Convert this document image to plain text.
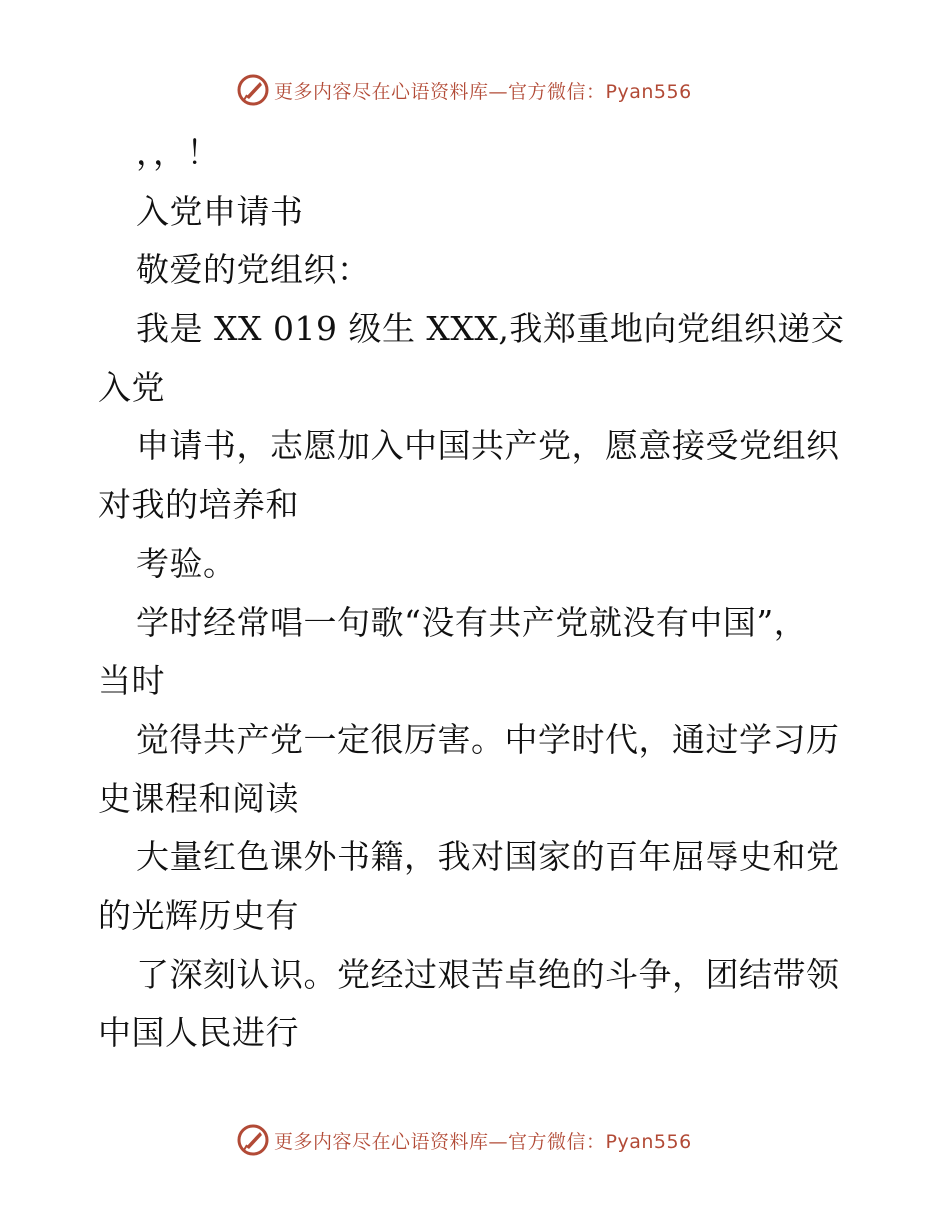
更多内容尽在心语资料库—官方微信：Pyan556
，，！
入党申请书
敬爱的党组织：
我是 XX 019 级生 XXX,我郑重地向党组织递交
入党
申请书，志愿加入中国共产党，愿意接受党组织
对我的培养和
考验。
学时经常唱一句歌“没有共产党就没有中国”，
当时
觉得共产党一定很厉害。中学时代，通过学习历
史课程和阅读
大量红色课外书籍，我对国家的百年屈辱史和党
的光辉历史有
了深刻认识。党经过艰苦卓绝的斗争，团结带领
中国人民进行
更多内容尽在心语资料库—官方微信：Pyan556
